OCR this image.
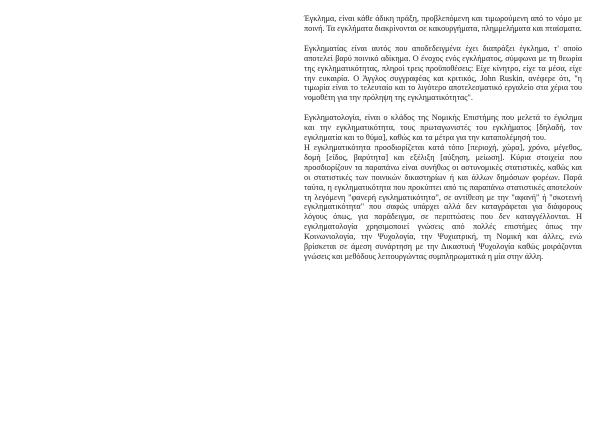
Έγκλημα, είναι κάθε άδικη πράξη, προβλεπόμενη και τιμωρούμενη από το νόμο με ποινή. Τα εγκλήματα διακρίνονται σε κακουργήματα, πλημμελήματα και πταίσματα.

Εγκληματίας είναι αυτός που αποδεδειγμένα έχει διαπράξει έγκλημα, τ' οποίο αποτελεί βαρύ ποινικό αδίκημα. Ο ένοχος ενός εγκλήματος, σύμφωνα με τη θεωρία της εγκληματικότητας, πληροί τρεις προϋποθέσεις: Είχε κίνητρο, είχε τα μέσα, είχε την ευκαιρία. Ο Άγγλος συγγραφέας και κριτικός, John Ruskin, ανέφερε ότι, "η τιμωρία είναι το τελευταίο και το λιγότερο αποτελεσματικό εργαλείο στα χέρια του νομοθέτη για την πρόληψη της εγκληματικότητας".

Εγκληματολογία, είναι ο κλάδος της Νομικής Επιστήμης που μελετά το έγκλημα και την εγκληματικότητα, τους πρωταγωνιστές του εγκλήματος [δηλαδή, τον εγκληματία και το θύμα], καθώς και τα μέτρα για την καταπολέμησή του.

Η εγκληματικότητα προσδιορίζεται κατά τόπο [περιοχή, χώρα], χρόνο, μέγεθος, δομή [είδος, βαρύτητα] και εξέλιξη [αύξηση, μείωση]. Κύρια στοιχεία που προσδιορίζουν τα παραπάνω είναι συνήθως οι αστυνομικές στατιστικές, καθώς και οι στατιστικές των ποινικών δικαστηρίων ή και άλλων δημόσιων φορέων. Παρά ταύτα, η εγκληματικότητα που προκύπτει από τις παραπάνω στατιστικές αποτελούν τη λεγόμενη "φανερή εγκληματικότητα", σε αντίθεση με την "αφανή" ή "σκοτεινή εγκληματικότητα" που σαφώς υπάρχει αλλά δεν καταγράφεται για διάφορους λόγους όπως, για παράδειγμα, σε περιπτώσεις που δεν καταγγέλλονται. Η εγκληματολογία χρησιμοποιεί γνώσεις από πολλές επιστήμες όπως την Κοινωνιολογία, την Ψυχολογία, την Ψυχιατρική, τη Νομική και άλλες, ενώ βρίσκεται σε άμεση συνάρτηση με την Δικαστική Ψυχολογία καθώς μοιράζονται γνώσεις και μεθόδους λειτουργώντας συμπληρωματικά η μία στην άλλη.
